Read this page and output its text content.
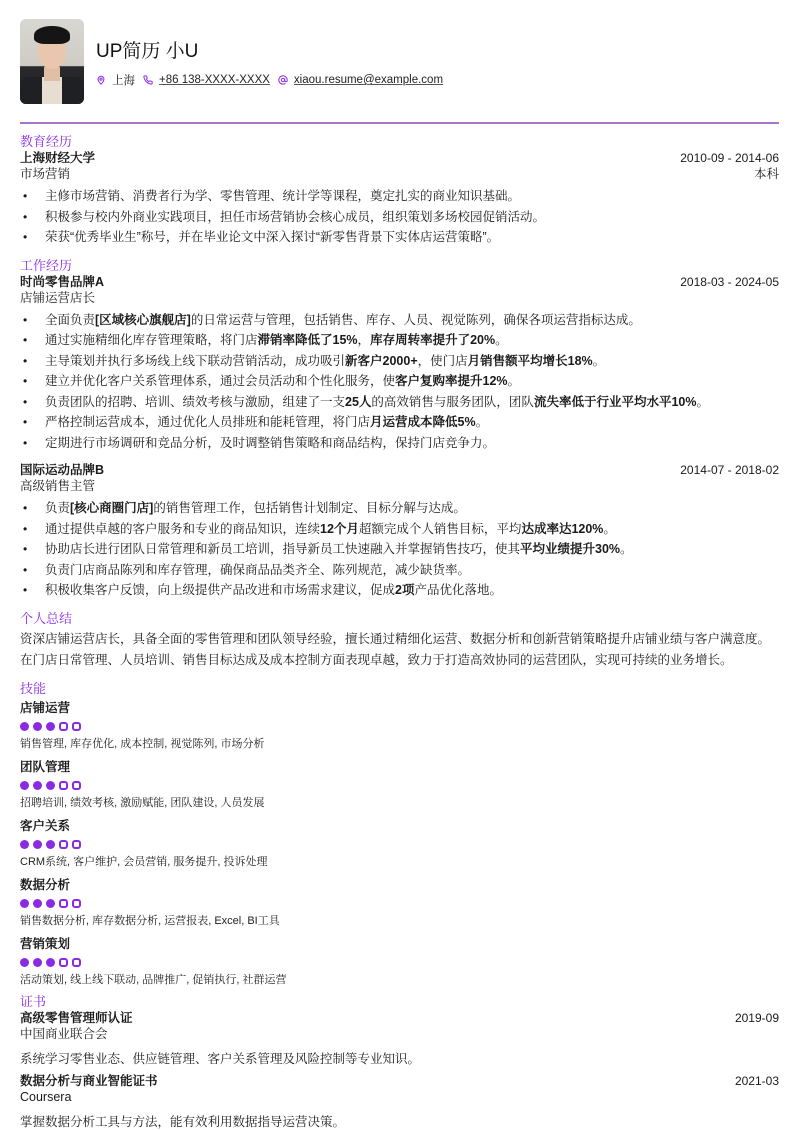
UP简历 小U
上海 +86 138-XXXX-XXXX xiaou.resume@example.com
教育经历
上海财经大学	2010-09 - 2014-06
市场营销	本科
• 主修市场营销、消费者行为学、零售管理、统计学等课程，奠定扎实的商业知识基础。
• 积极参与校内外商业实践项目，担任市场营销协会核心成员，组织策划多场校园促销活动。
• 荣获“优秀毕业生”称号，并在毕业论文中深入探讨“新零售背景下实体店运营策略”。
工作经历
时尚零售品牌A	2018-03 - 2024-05
店铺运营店长
• 全面负责[区域核心旗舰店]的日常运营与管理，包括销售、库存、人员、视觉陈列，确保各项运营指标达成。
• 通过实施精细化库存管理策略，将门店滞销率降低了15%，库存周转率提升了20%。
• 主导策划并执行多场线上线下联动营销活动，成功吸引新客户2000+，使门店月销售额平均增长18%。
• 建立并优化客户关系管理体系，通过会员活动和个性化服务，使客户复购率提升12%。
• 负责团队的招聘、培训、绩效考核与激励，组建了一支25人的高效销售与服务团队，团队流失率低于行业平均水平10%。
• 严格控制运营成本，通过优化人员排班和能耗管理，将门店月运营成本降低5%。
• 定期进行市场调研和竞品分析，及时调整销售策略和商品结构，保持门店竞争力。
国际运动品牌B	2014-07 - 2018-02
高级销售主管
• 负责[核心商圈门店]的销售管理工作，包括销售计划制定、目标分解与达成。
• 通过提供卓越的客户服务和专业的商品知识，连续12个月超额完成个人销售目标，平均达成率达120%。
• 协助店长进行团队日常管理和新员工培训，指导新员工快速融入并掌握销售技巧，使其平均业绩提升30%。
• 负责门店商品陈列和库存管理，确保商品品类齐全、陈列规范，减少缺货率。
• 积极收集客户反馈，向上级提供产品改进和市场需求建议，促成2项产品优化落地。
个人总结

资深店铺运营店长，具备全面的零售管理和团队领导经验，擅长通过精细化运营、数据分析和创新营销策略提升店铺业绩与客户满意度。

在门店日常管理、人员培训、销售目标达成及成本控制方面表现卓越，致力于打造高效协同的运营团队，实现可持续的业务增长。

技能
店铺运营
销售管理, 库存优化, 成本控制, 视觉陈列, 市场分析
团队管理
招聘培训, 绩效考核, 激励赋能, 团队建设, 人员发展
客户关系
CRM系统, 客户维护, 会员营销, 服务提升, 投诉处理
数据分析
销售数据分析, 库存数据分析, 运营报表, Excel, BI工具
营销策划
活动策划, 线上线下联动, 品牌推广, 促销执行, 社群运营
证书
高级零售管理师认证	2019-09
中国商业联合会
系统学习零售业态、供应链管理、客户关系管理及风险控制等专业知识。
数据分析与商业智能证书	2021-03
Coursera
掌握数据分析工具与方法，能有效利用数据指导运营决策。
